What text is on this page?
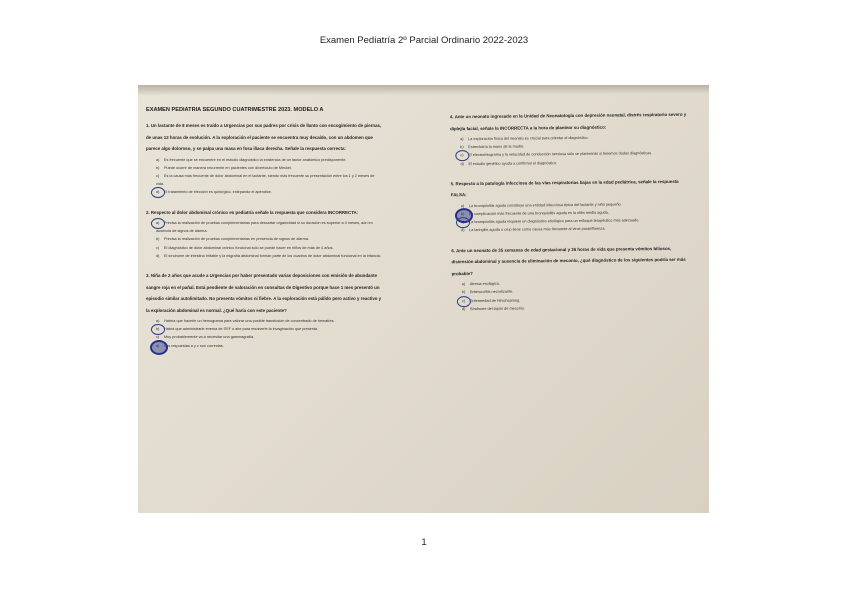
Examen Pediatría 2º Parcial Ordinario 2022-2023
EXAMEN PEDIATRIA SEGUNDO CUATRIMESTRE 2023. MODELO A
1. Un lactante de 8 meses es traído a Urgencias por sus padres por crisis de llanto con encogimiento de piernas, de unas 12 horas de evolución. A la exploración el paciente se encuentra muy decaído, con un abdomen que parece algo doloroso, y se palpa una masa en fosa ilíaca derecha. Señale la respuesta correcta:
a) Es frecuente que se encuentre en el estudio diagnóstico la existencia de un factor anatómico predisponente.
b) Puede ocurrir de manera recurrente en pacientes con divertículo de Meckel.
c) Es la causa más frecuente de dolor abdominal en el lactante, siendo más frecuente su presentación entre los 1 y 2 meses de vida.
d) El tratamiento de elección es quirúrgico, extirpando el apéndice.
2. Respecto al dolor abdominal crónico en pediatría señale la respuesta que considera INCORRECTA:
a) Precisa la realización de pruebas complementarias para descartar organicidad si su duración es superior a 4 meses, aún en ausencia de signos de alarma.
b) Precisa la realización de pruebas complementarias en presencia de signos de alarma.
c) El diagnóstico de dolor abdominal crónico funcional sólo se puede hacer en niños de más de 4 años.
d) El síndrome de intestino irritable y la migraña abdominal forman parte de los cuadros de dolor abdominal funcional en la infancia.
3. Niña de 2 años que acude a Urgencias por haber presentado varias deposiciones con emisión de abundante sangre roja en el pañal. Está pendiente de valoración en consultas de Digestivo porque hace 1 mes presentó un episodio similar autolimitado. No presenta vómitos ni fiebre. A la exploración está pálido pero activo y reactivo y la exploración abdominal es normal. ¿Qué haría con este paciente?
a) Habría que hacerle un hemograma para valorar una posible transfusión de concentrado de hematíes.
b) Habrá que administrarle enema de SSF o aire para resolverle la invaginación que presenta.
c) Muy probablemente va a necesitar una gammagrafía.
d) Las respuestas a y c son correctas.
4. Ante un neonato ingresado en la Unidad de Neonatología con depresión neonatal, distrés respiratorio severo y diplejía facial, señale la INCORRECTA a la hora de plantear su diagnóstico:
a) La exploración física del neonato es crucial para orientar el diagnóstico.
b) Estrecharía la mano de la madre.
c) El electromiograma y la velocidad de conducción nerviosa sólo se plantearán si tenemos dudas diagnósticas.
d) El estudio genético ayuda a confirmar el diagnóstico.
5. Respecto a la patología infecciosa de las vías respiratorias bajas en la edad pediátrica, señale la respuesta FALSA:
a) La bronquiolitis aguda constituye una entidad infecciosa típica del lactante y niño pequeño.
b) La complicación más frecuente de una bronquiolitis aguda es la otitis media aguda.
c) La bronquiolitis aguda requiere un diagnóstico etiológico para un enfoque terapéutico más adecuado.
d) La laringitis aguda o crup tiene como causa más frecuente al virus parainfluenza.
6. Ante un neonato de 35 semanas de edad gestacional y 36 horas de vida que presenta vómitos biliosos, distensión abdominal y ausencia de eliminación de meconio, ¿qué diagnóstico de los siguientes podría ser más probable?
a) Atresia esofágica.
b) Enterocolitis necrotizante.
c) Enfermedad de Hirschsprung.
d) Síndrome del tapón de meconio.
1
